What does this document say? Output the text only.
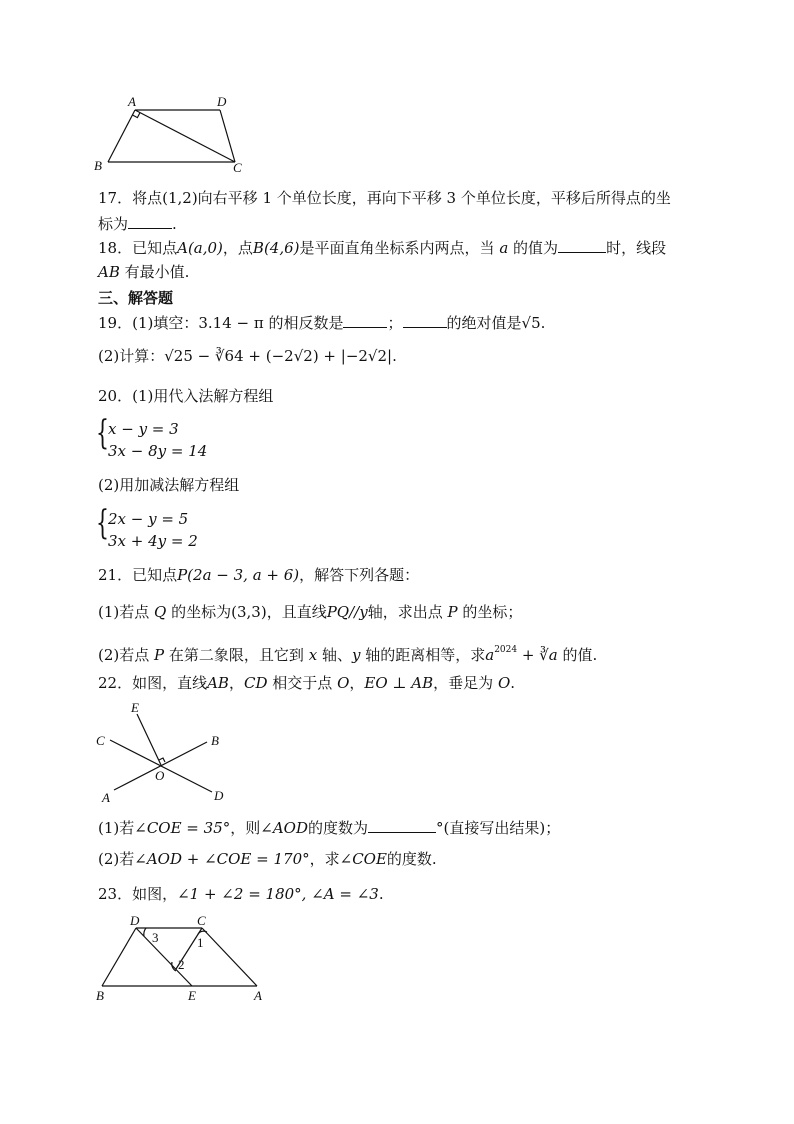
A	D
B	C
17．将点(1,2)向右平移 1 个单位长度，再向下平移 3 个单位长度，平移后所得点的坐
标为	.
18．已知点A(a,0)，点B(4,6)是平面直角坐标系内两点，当 a 的值为	时，线段
AB 有最小值.
三、解答题
19．(1)填空：3.14 − π 的相反数是	；	的绝对值是√5.
(2)计算：√25 − ∛64 + (−2√2) + |−2√2|.
20．(1)用代入法解方程组
{ x − y = 3
3x − 8y = 14
(2)用加减法解方程组
{ 2x − y = 5
3x + 4y = 2
21．已知点P(2a − 3, a + 6)，解答下列各题：
(1)若点 Q 的坐标为(3,3)，且直线PQ//y轴，求出点 P 的坐标；
(2)若点 P 在第二象限，且它到 x 轴、y 轴的距离相等，求$a^{2024}$ + ∛a 的值.
22．如图，直线AB，CD 相交于点 O，EO ⊥ AB，垂足为 O.
E
C	B
O
A	D
(1)若∠COE = 35°，则∠AOD的度数为	°(直接写出结果)；
(2)若∠AOD + ∠COE = 170°，求∠COE的度数.
23．如图，∠1 + ∠2 = 180°, ∠A = ∠3.
D	C
B	E	A
3	1
2
